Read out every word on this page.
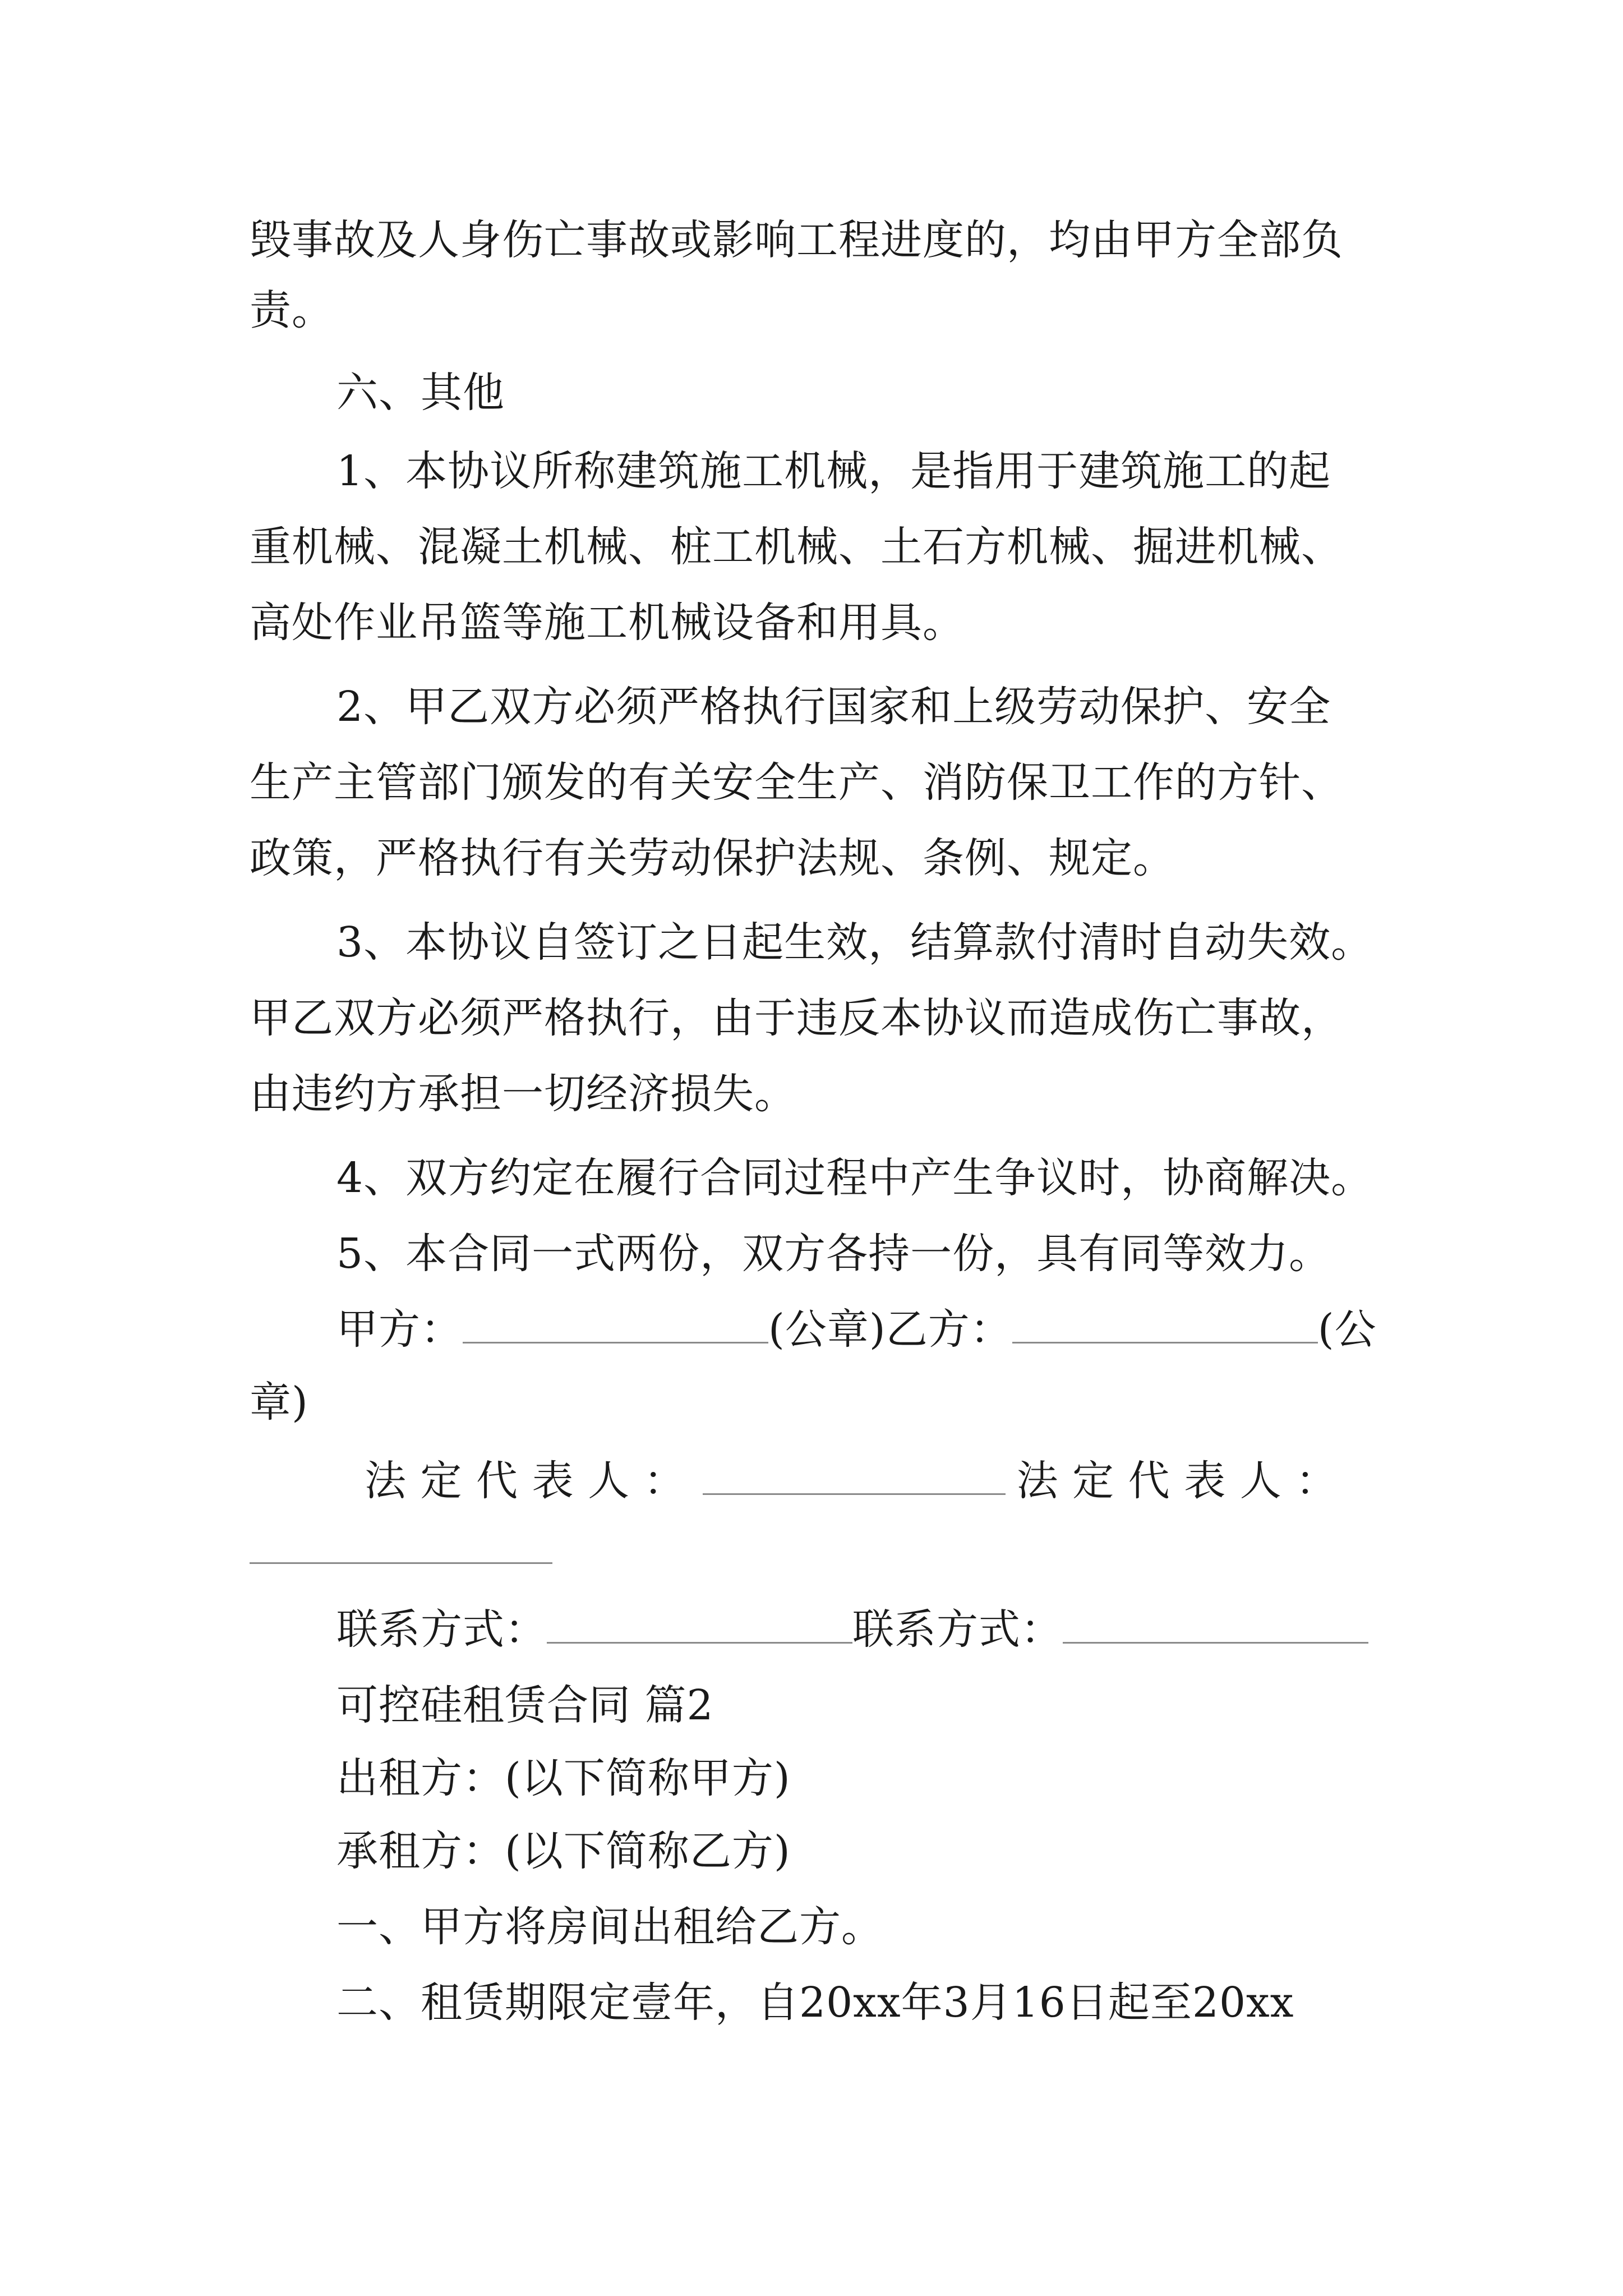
毁事故及人身伤亡事故或影响工程进度的，均由甲方全部负
责。
六、其他
1、本协议所称建筑施工机械，是指用于建筑施工的起
重机械、混凝土机械、桩工机械、土石方机械、掘进机械、
高处作业吊篮等施工机械设备和用具。
2、甲乙双方必须严格执行国家和上级劳动保护、安全
生产主管部门颁发的有关安全生产、消防保卫工作的方针、
政策，严格执行有关劳动保护法规、条例、规定。
3、本协议自签订之日起生效，结算款付清时自动失效。
甲乙双方必须严格执行，由于违反本协议而造成伤亡事故，
由违约方承担一切经济损失。
4、双方约定在履行合同过程中产生争议时，协商解决。
5、本合同一式两份，双方各持一份，具有同等效力。
甲方：	(公章)乙方：	(公
章)
法 定 代 表 人 ：	法 定 代 表 人 ：
联系方式：	联系方式：
可控硅租赁合同 篇2
出租方：(以下简称甲方)
承租方：(以下简称乙方)
一、甲方将房间出租给乙方。
二、租赁期限定壹年，自20xx年3月16日起至20xx
